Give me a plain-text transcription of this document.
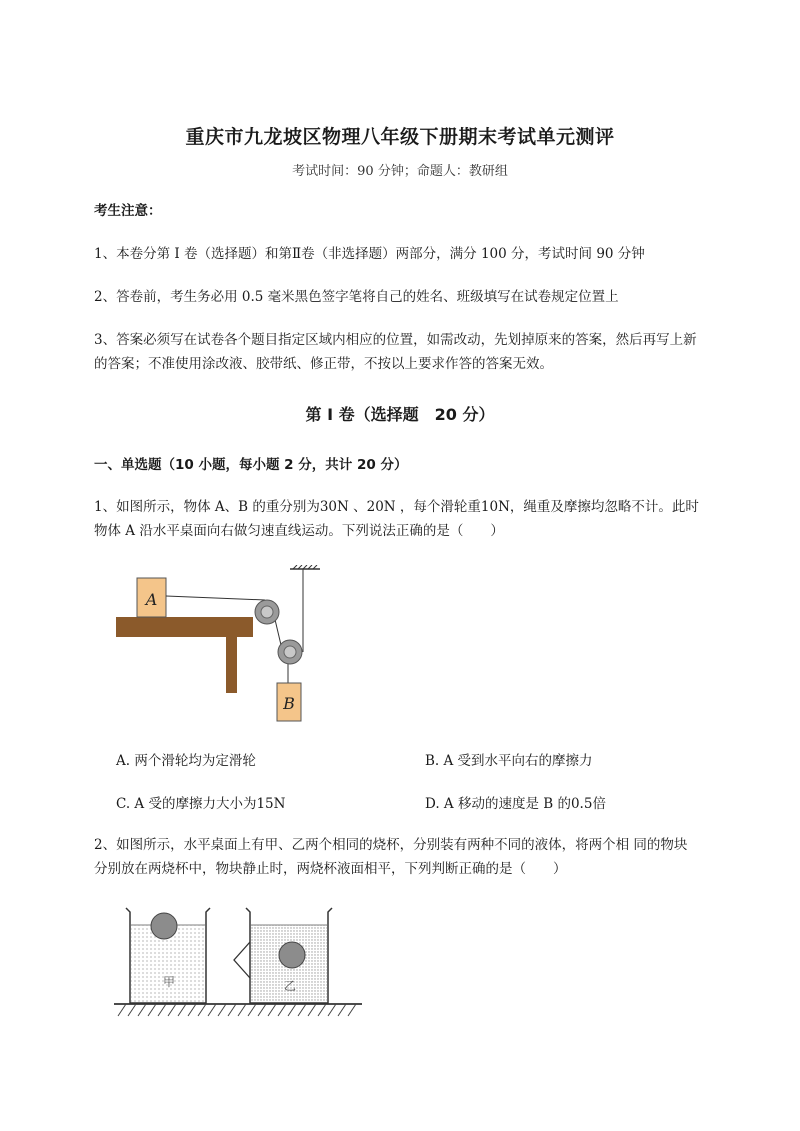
重庆市九龙坡区物理八年级下册期末考试单元测评
考试时间：90 分钟；命题人：教研组
考生注意：
1、本卷分第 I 卷（选择题）和第Ⅱ卷（非选择题）两部分，满分 100 分，考试时间 90 分钟
2、答卷前，考生务必用 0.5 毫米黑色签字笔将自己的姓名、班级填写在试卷规定位置上
3、答案必须写在试卷各个题目指定区域内相应的位置，如需改动，先划掉原来的答案，然后再写上新
的答案；不准使用涂改液、胶带纸、修正带，不按以上要求作答的答案无效。
第 I 卷（选择题　20 分）
一、单选题（10 小题，每小题 2 分，共计 20 分）
1、如图所示，物体 A、B 的重分别为30N 、20N ，每个滑轮重10N，绳重及摩擦均忽略不计。此时
物体 A 沿水平桌面向右做匀速直线运动。下列说法正确的是（　　）
A
B
A. 两个滑轮均为定滑轮	B. A 受到水平向右的摩擦力
C. A 受的摩擦力大小为15N	D. A 移动的速度是 B 的0.5倍
2、如图所示，水平桌面上有甲、乙两个相同的烧杯，分别装有两种不同的液体，将两个相 同的物块
分别放在两烧杯中，物块静止时，两烧杯液面相平，下列判断正确的是（　　）
甲	乙
